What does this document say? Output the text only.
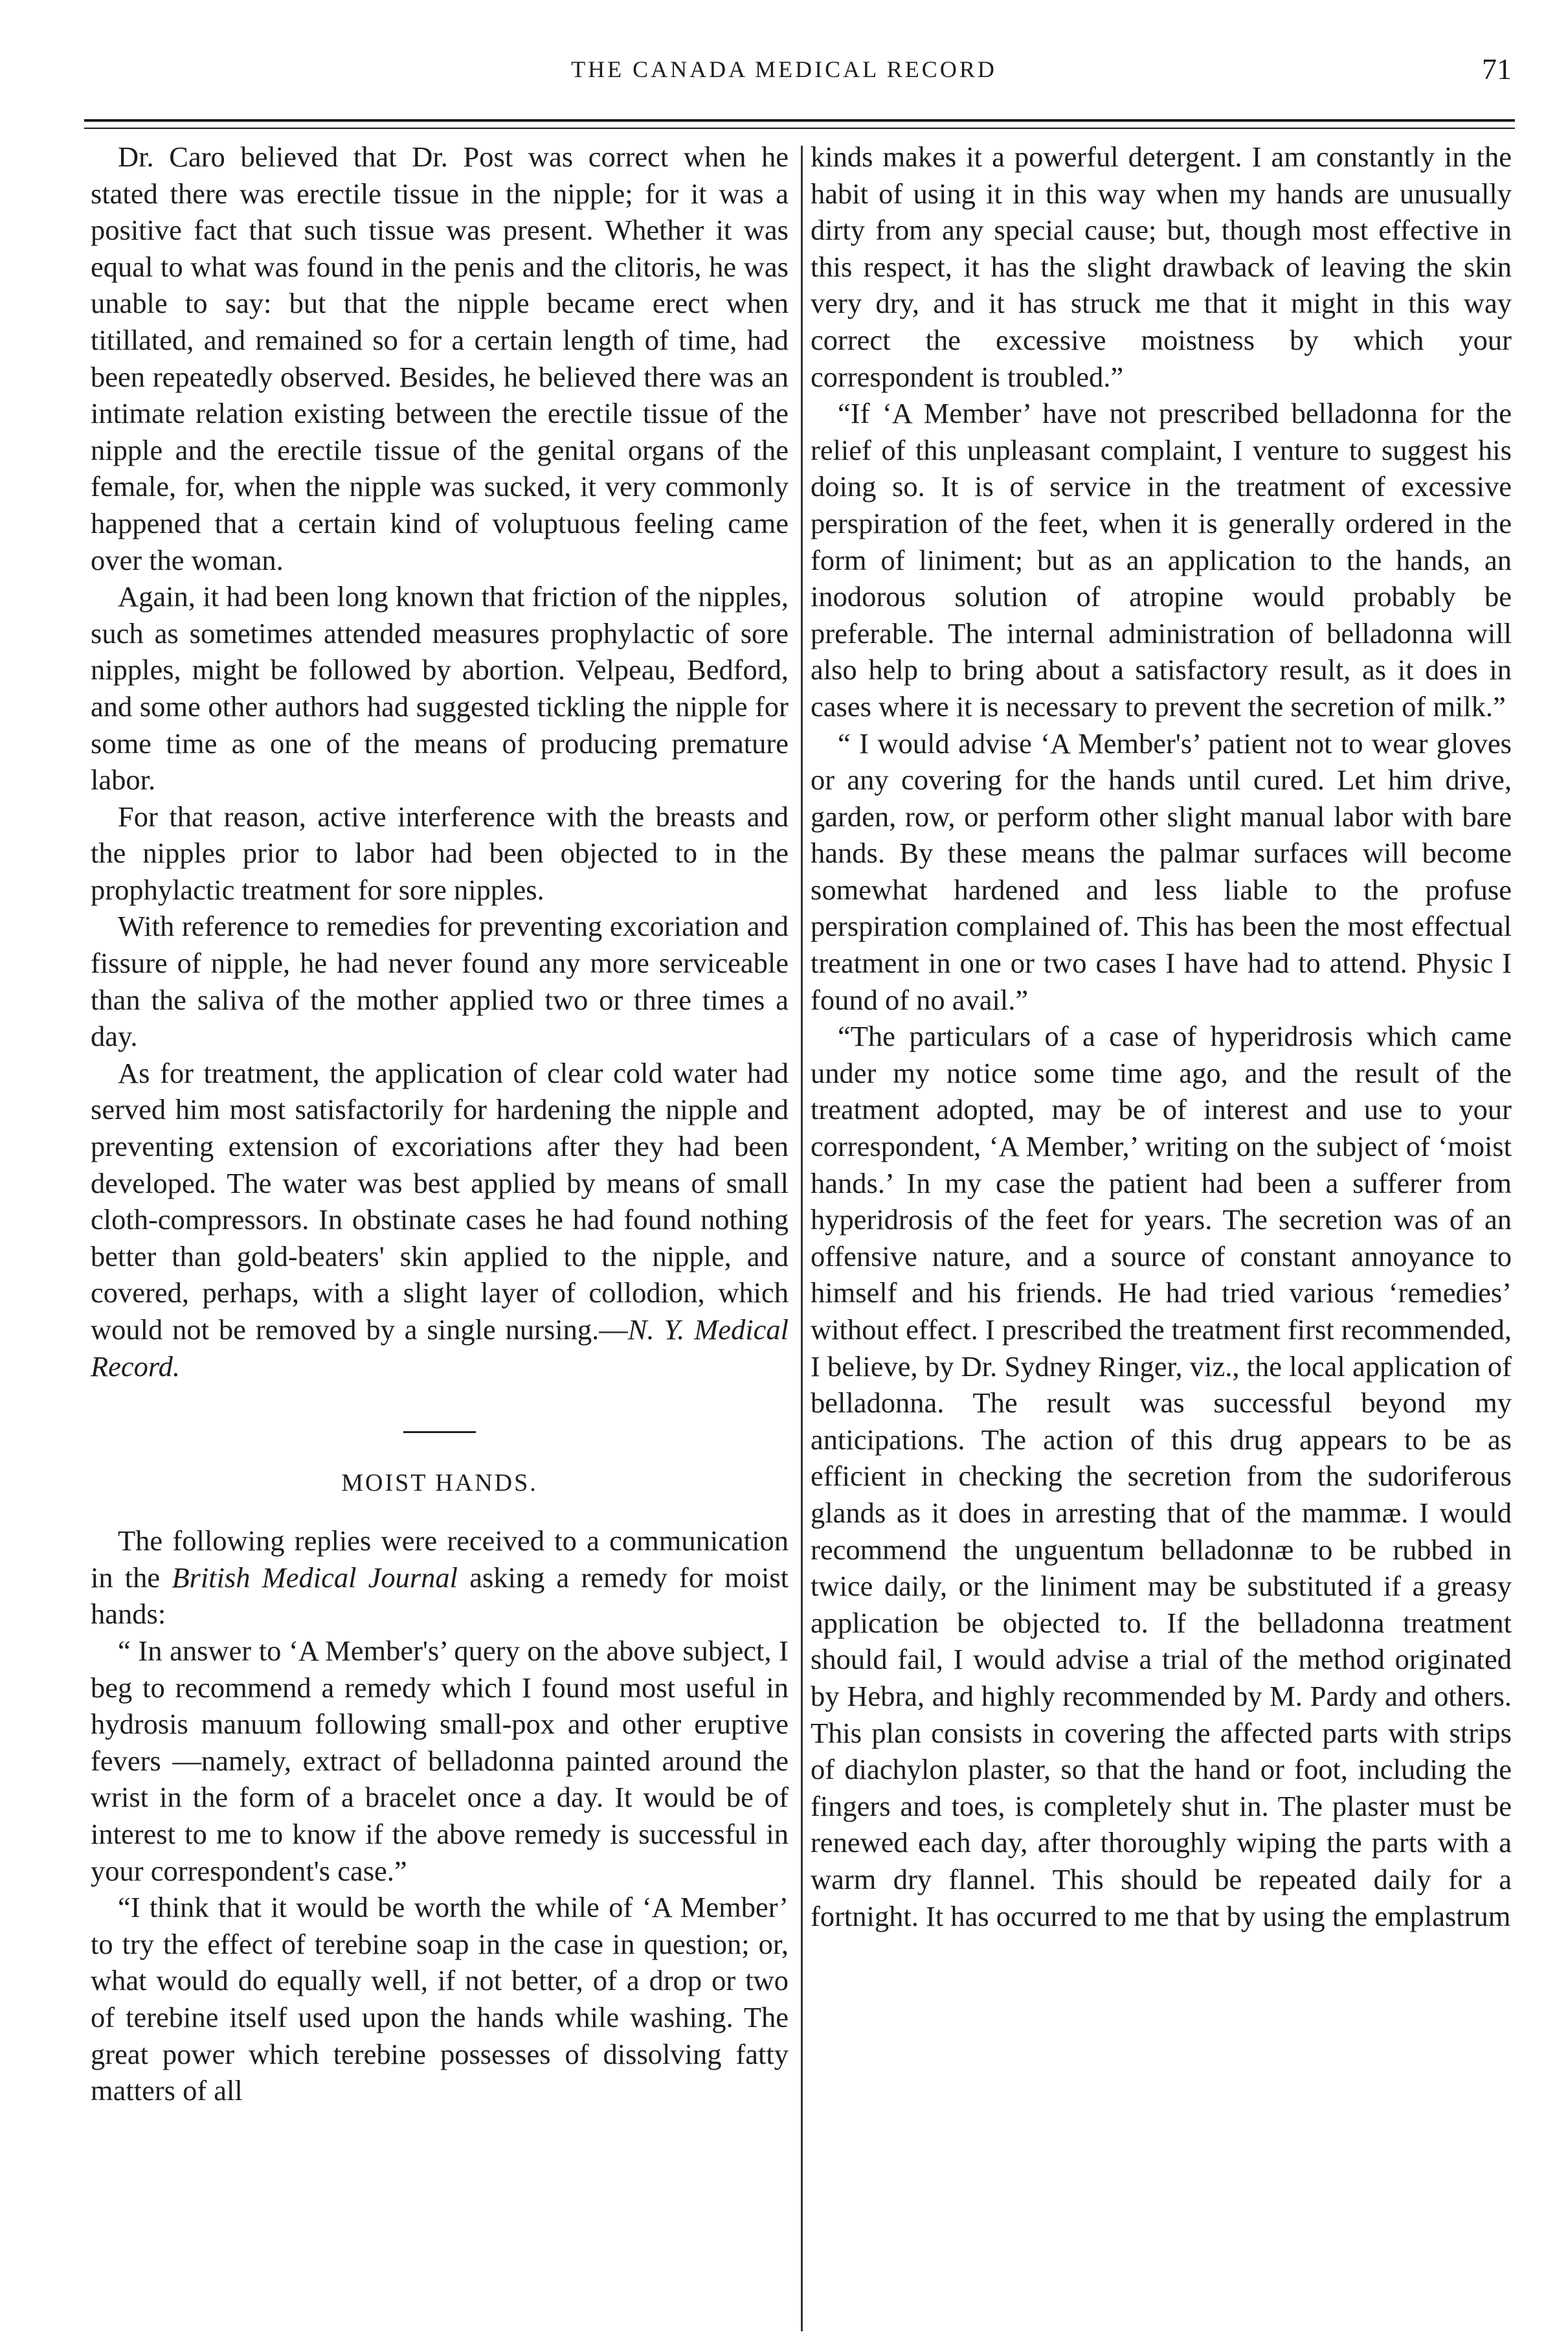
THE CANADA MEDICAL RECORD	71

Dr. Caro believed that Dr. Post was correct when he stated there was erectile tissue in the nipple; for it was a positive fact that such tissue was present. Whether it was equal to what was found in the penis and the clitoris, he was unable to say: but that the nipple became erect when titillated, and remained so for a certain length of time, had been repeatedly observed. Besides, he believed there was an intimate relation existing between the erectile tissue of the nipple and the erectile tissue of the genital organs of the female, for, when the nipple was sucked, it very commonly happened that a certain kind of voluptuous feeling came over the woman.

Again, it had been long known that friction of the nipples, such as sometimes attended measures prophylactic of sore nipples, might be followed by abortion. Velpeau, Bedford, and some other authors had suggested tickling the nipple for some time as one of the means of producing premature labor.

For that reason, active interference with the breasts and the nipples prior to labor had been objected to in the prophylactic treatment for sore nipples.

With reference to remedies for preventing excoriation and fissure of nipple, he had never found any more serviceable than the saliva of the mother applied two or three times a day.

As for treatment, the application of clear cold water had served him most satisfactorily for hardening the nipple and preventing extension of excoriations after they had been developed. The water was best applied by means of small cloth-compressors. In obstinate cases he had found nothing better than gold-beaters' skin applied to the nipple, and covered, perhaps, with a slight layer of collodion, which would not be removed by a single nursing.—N. Y. Medical Record.

MOIST HANDS.

The following replies were received to a communication in the British Medical Journal asking a remedy for moist hands:

“ In answer to ‘A Member's’ query on the above subject, I beg to recommend a remedy which I found most useful in hydrosis manuum following small-pox and other eruptive fevers —namely, extract of belladonna painted around the wrist in the form of a bracelet once a day. It would be of interest to me to know if the above remedy is successful in your correspondent's case.”

“I think that it would be worth the while of ‘A Member’ to try the effect of terebine soap in the case in question; or, what would do equally well, if not better, of a drop or two of terebine itself used upon the hands while washing. The great power which terebine possesses of dissolving fatty matters of all

kinds makes it a powerful detergent. I am constantly in the habit of using it in this way when my hands are unusually dirty from any special cause; but, though most effective in this respect, it has the slight drawback of leaving the skin very dry, and it has struck me that it might in this way correct the excessive moistness by which your correspondent is troubled.”

“If ‘A Member’ have not prescribed belladonna for the relief of this unpleasant complaint, I venture to suggest his doing so. It is of service in the treatment of excessive perspiration of the feet, when it is generally ordered in the form of liniment; but as an application to the hands, an inodorous solution of atropine would probably be preferable. The internal administration of belladonna will also help to bring about a satisfactory result, as it does in cases where it is necessary to prevent the secretion of milk.”

“ I would advise ‘A Member's’ patient not to wear gloves or any covering for the hands until cured. Let him drive, garden, row, or perform other slight manual labor with bare hands. By these means the palmar surfaces will become somewhat hardened and less liable to the profuse perspiration complained of. This has been the most effectual treatment in one or two cases I have had to attend. Physic I found of no avail.”

“The particulars of a case of hyperidrosis which came under my notice some time ago, and the result of the treatment adopted, may be of interest and use to your correspondent, ‘A Member,’ writing on the subject of ‘moist hands.’ In my case the patient had been a sufferer from hyperidrosis of the feet for years. The secretion was of an offensive nature, and a source of constant annoyance to himself and his friends. He had tried various ‘remedies’ without effect. I prescribed the treatment first recommended, I believe, by Dr. Sydney Ringer, viz., the local application of belladonna. The result was successful beyond my anticipations. The action of this drug appears to be as efficient in checking the secretion from the sudoriferous glands as it does in arresting that of the mammæ. I would recommend the unguentum belladonnæ to be rubbed in twice daily, or the liniment may be substituted if a greasy application be objected to. If the belladonna treatment should fail, I would advise a trial of the method originated by Hebra, and highly recommended by M. Pardy and others. This plan consists in covering the affected parts with strips of diachylon plaster, so that the hand or foot, including the fingers and toes, is completely shut in. The plaster must be renewed each day, after thoroughly wiping the parts with a warm dry flannel. This should be repeated daily for a fortnight. It has occurred to me that by using the emplastrum
